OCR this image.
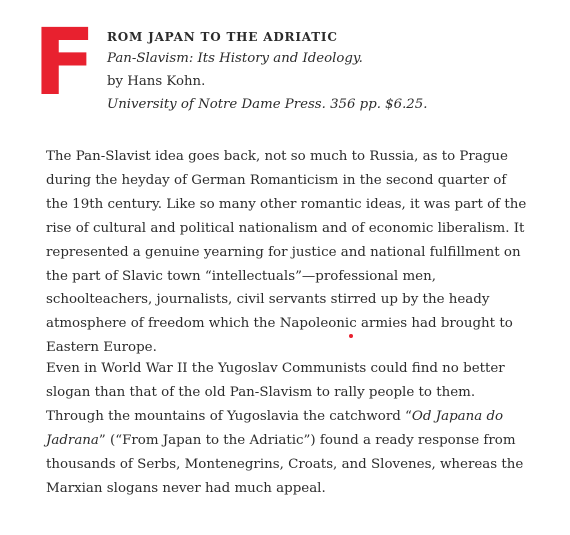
F ROM JAPAN TO THE ADRIATIC
Pan-Slavism: Its History and Ideology.
by Hans Kohn.
University of Notre Dame Press. 356 pp. $6.25.
The Pan-Slavist idea goes back, not so much to Russia, as to Prague
during the heyday of German Romanticism in the second quarter of
the 19th century. Like so many other romantic ideas, it was part of the
rise of cultural and political nationalism and of economic liberalism. It
represented a genuine yearning for justice and national fulfillment on
the part of Slavic town “intellectuals”—professional men,
schoolteachers, journalists, civil servants stirred up by the heady
atmosphere of freedom which the Napoleonic armies had brought to
Eastern Europe.
Even in World War II the Yugoslav Communists could find no better
slogan than that of the old Pan-Slavism to rally people to them.
Through the mountains of Yugoslavia the catchword “Od Japana do
Jadrana” (“From Japan to the Adriatic”) found a ready response from
thousands of Serbs, Montenegrins, Croats, and Slovenes, whereas the
Marxian slogans never had much appeal.
